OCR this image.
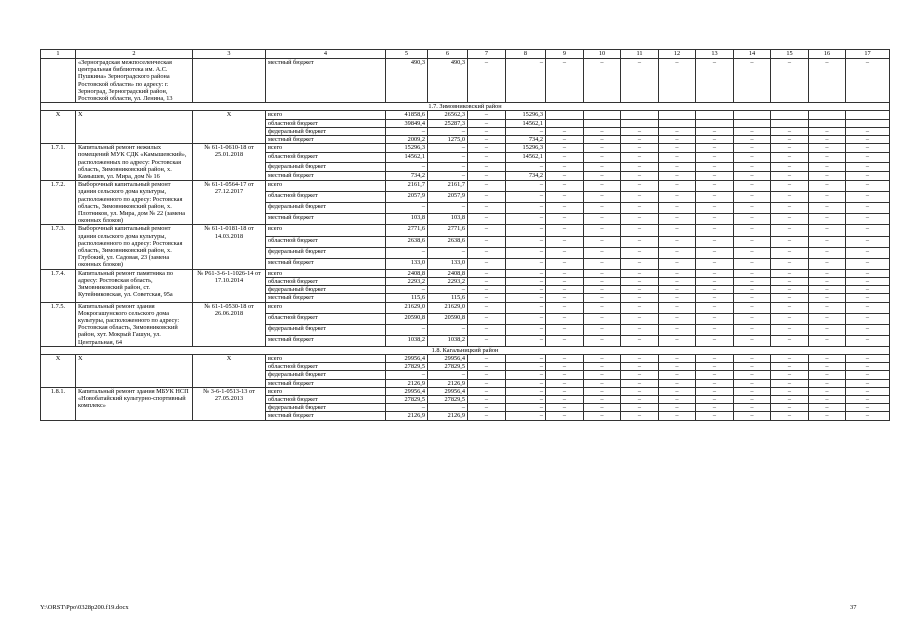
1	2	3	4	5	6	7	8	9	10	11	12	13	14	15	16	17
	«Зерноградская межпоселенческая центральная библиотека им. А.С. Пушкина» Зерноградского района Ростовской области» по адресу: г. Зерноград, Зерноградский район, Ростовской области, ул. Ленина, 13		местный бюджет	490,3	490,3	–	–	–	–	–	–	–	–	–	–	–
1.7. Зимовниковский район																
Х	Х	Х	всего	41858,6	26562,3	–	15296,3									
			областной бюджет	39849,4	25287,3	–	14562,1									
			федеральный бюджет	–	–	–	–	–	–	–	–	–	–	–	–	–
			местный бюджет	2009,2	1275,0	–	734,2	–	–	–	–	–	–	–	–	–
1.7.1.	Капитальный ремонт нежилых помещений МУК СДК «Камышевский», расположенных по адресу: Ростовская область, Зимовниковский район, х. Камышев, ул. Мира, дом № 16	№ 61-1-0610-18 от 25.01.2018	всего	15296,3	–	–	15296,3	–	–	–	–	–	–	–	–	–
			областной бюджет	14562,1	–	–	14562,1	–	–	–	–	–	–	–	–	–
			федеральный бюджет	–	–	–	–	–	–	–	–	–	–	–	–	–
			местный бюджет	734,2	–	–	734,2	–	–	–	–	–	–	–	–	–
1.7.2.	Выборочный капитальный ремонт здания сельского дома культуры, расположенного по адресу: Ростовская область, Зимовниковский район, х. Плотников, ул. Мира, дом № 22 (замена оконных блоков)	№ 61-1-0564-17 от 27.12.2017	всего	2161,7	2161,7	–	–	–	–	–	–	–	–	–	–	–
			областной бюджет	2057,9	2057,9	–	–	–	–	–	–	–	–	–	–	–
			федеральный бюджет	–	–	–	–	–	–	–	–	–	–	–	–	–
			местный бюджет	103,8	103,8	–	–	–	–	–	–	–	–	–	–	–
1.7.3.	Выборочный капитальный ремонт здания сельского дома культуры, расположенного по адресу: Ростовская область, Зимовниковский район, х. Глубокий, ул. Садовая, 23 (замена оконных блоков)	№ 61-1-0181-18 от 14.03.2018	всего	2771,6	2771,6	–	–	–	–	–	–	–	–	–	–	–
			областной бюджет	2638,6	2638,6	–	–	–	–	–	–	–	–	–	–	–
			федеральный бюджет	–	–	–	–	–	–	–	–	–	–	–	–	–
			местный бюджет	133,0	133,0	–	–	–	–	–	–	–	–	–	–	–
1.7.4.	Капитальный ремонт памятника по адресу: Ростовская область, Зимовниковский район, ст. Кутейниковская, ул. Советская, 95а	№ Р61-3-6-1-1026-14 от 17.10.2014	всего	2408,8	2408,8	–	–	–	–	–	–	–	–	–	–	–
			областной бюджет	2293,2	2293,2	–	–	–	–	–	–	–	–	–	–	–
			федеральный бюджет	–	–	–	–	–	–	–	–	–	–	–	–	–
			местный бюджет	115,6	115,6	–	–	–	–	–	–	–	–	–	–	–
1.7.5.	Капитальный ремонт здания Мокрогашунского сельского дома культуры, расположенного по адресу: Ростовская область, Зимовниковский район, хут. Мокрый Гашун, ул. Центральная, 64	№ 61-1-0530-18 от 26.06.2018	всего	21629,0	21629,0	–	–	–	–	–	–	–	–	–	–	–
			областной бюджет	20590,8	20590,8	–	–	–	–	–	–	–	–	–	–	–
			федеральный бюджет	–	–	–	–	–	–	–	–	–	–	–	–	–
			местный бюджет	1038,2	1038,2	–	–	–	–	–	–	–	–	–	–	–
1.8. Кагальницкий район																
Х	Х	Х	всего	29956,4	29956,4	–	–	–	–	–	–	–	–	–	–	–
			областной бюджет	27829,5	27829,5	–	–	–	–	–	–	–	–	–	–	–
			федеральный бюджет	–	–	–	–	–	–	–	–	–	–	–	–	–
			местный бюджет	2126,9	2126,9	–	–	–	–	–	–	–	–	–	–	–
1.8.1.	Капитальный ремонт здания МБУК НСП «Новобатайский культурно-спортивный комплекс»	№ 3-6-1-0513-13 от 27.05.2013	всего	29956,4	29956,4	–	–	–	–	–	–	–	–	–	–	–
			областной бюджет	27829,5	27829,5	–	–	–	–	–	–	–	–	–	–	–
			федеральный бюджет	–	–	–	–	–	–	–	–	–	–	–	–	–
			местный бюджет	2126,9	2126,9	–	–	–	–	–	–	–	–	–	–	–
Y:\ORST\Ppo\0328p200.f19.docx	37
